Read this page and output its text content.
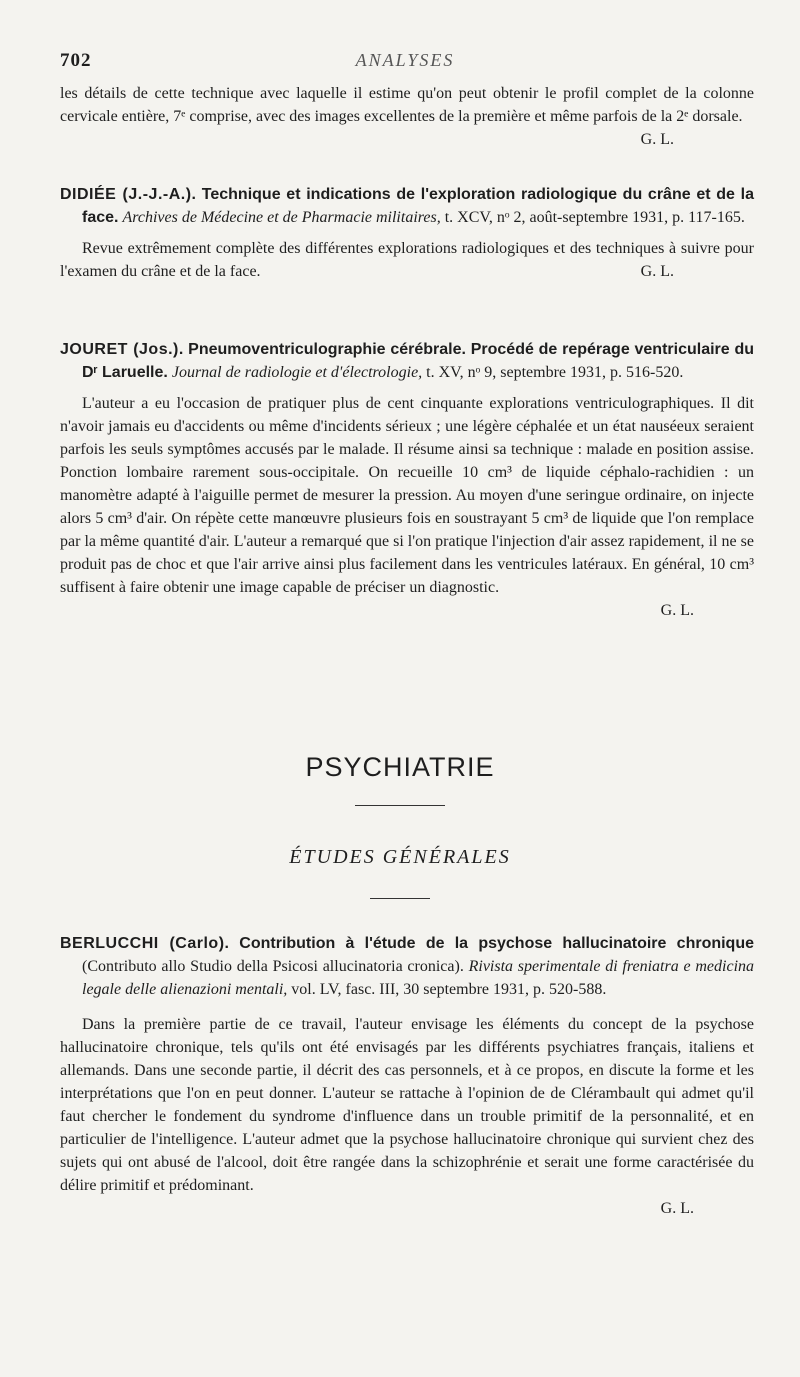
702	ANALYSES

les détails de cette technique avec laquelle il estime qu'on peut obtenir le profil complet de la colonne cervicale entière, 7ᵉ comprise, avec des images excellentes de la première et même parfois de la 2ᵉ dorsale.
G. L.

DIDIÉE (J.-J.-A.). Technique et indications de l'exploration radiologique du crâne et de la face. Archives de Médecine et de Pharmacie militaires, t. XCV, nᵒ 2, août-septembre 1931, p. 117-165.

Revue extrêmement complète des différentes explorations radiologiques et des techniques à suivre pour l'examen du crâne et de la face.	G. L.

JOURET (Jos.). Pneumoventriculographie cérébrale. Procédé de repérage ventriculaire du Dʳ Laruelle. Journal de radiologie et d'électrologie, t. XV, nᵒ 9, septembre 1931, p. 516-520.

L'auteur a eu l'occasion de pratiquer plus de cent cinquante explorations ventriculographiques. Il dit n'avoir jamais eu d'accidents ou même d'incidents sérieux ; une légère céphalée et un état nauséeux seraient parfois les seuls symptômes accusés par le malade. Il résume ainsi sa technique : malade en position assise. Ponction lombaire rarement sous-occipitale. On recueille 10 cm³ de liquide céphalo-rachidien : un manomètre adapté à l'aiguille permet de mesurer la pression. Au moyen d'une seringue ordinaire, on injecte alors 5 cm³ d'air. On répète cette manœuvre plusieurs fois en soustrayant 5 cm³ de liquide que l'on remplace par la même quantité d'air. L'auteur a remarqué que si l'on pratique l'injection d'air assez rapidement, il ne se produit pas de choc et que l'air arrive ainsi plus facilement dans les ventricules latéraux. En général, 10 cm³ suffisent à faire obtenir une image capable de préciser un diagnostic.

G. L.
PSYCHIATRIE
ÉTUDES GÉNÉRALES

BERLUCCHI (Carlo). Contribution à l'étude de la psychose hallucinatoire chronique (Contributo allo Studio della Psicosi allucinatoria cronica). Rivista sperimentale di freniatra e medicina legale delle alienazioni mentali, vol. LV, fasc. III, 30 septembre 1931, p. 520-588.

Dans la première partie de ce travail, l'auteur envisage les éléments du concept de la psychose hallucinatoire chronique, tels qu'ils ont été envisagés par les différents psychiatres français, italiens et allemands. Dans une seconde partie, il décrit des cas personnels, et à ce propos, en discute la forme et les interprétations que l'on en peut donner. L'auteur se rattache à l'opinion de de Clérambault qui admet qu'il faut chercher le fondement du syndrome d'influence dans un trouble primitif de la personnalité, et en particulier de l'intelligence. L'auteur admet que la psychose hallucinatoire chronique qui survient chez des sujets qui ont abusé de l'alcool, doit être rangée dans la schizophrénie et serait une forme caractérisée du délire primitif et prédominant.

G. L.
